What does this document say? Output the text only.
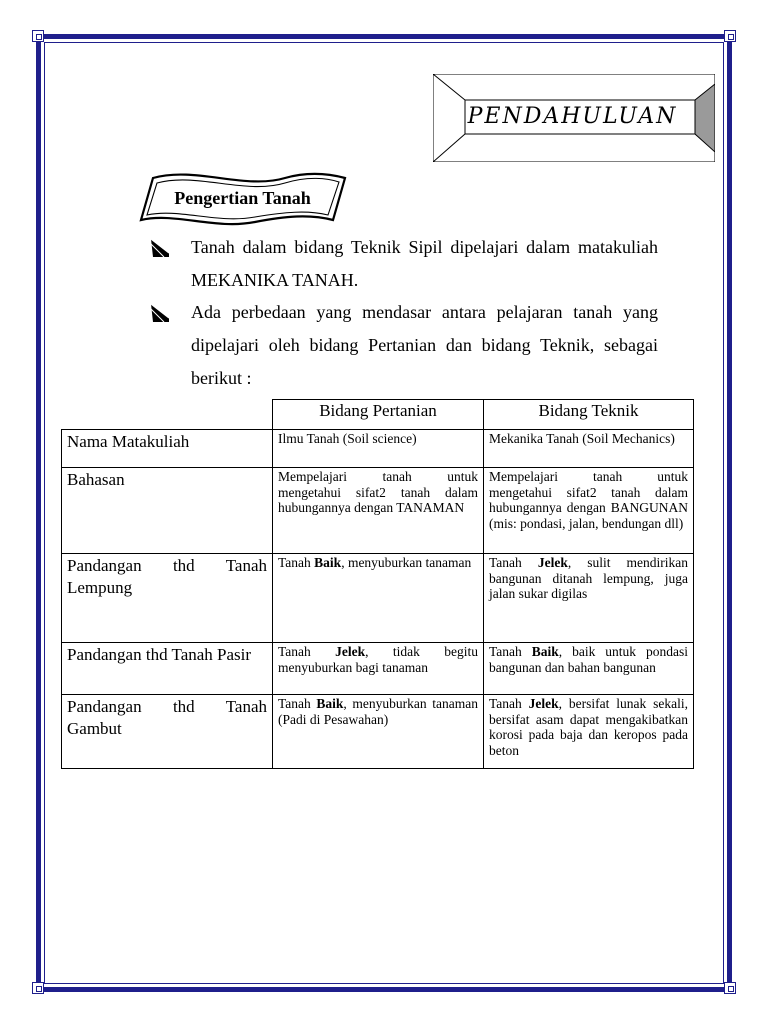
PENDAHULUAN
Pengertian Tanah
Tanah dalam bidang Teknik Sipil dipelajari dalam matakuliah MEKANIKA TANAH.
Ada perbedaan yang mendasar antara pelajaran tanah yang dipelajari oleh bidang Pertanian dan bidang Teknik, sebagai berikut :
	Bidang Pertanian	Bidang Teknik
Nama Matakuliah	Ilmu Tanah (Soil science)	Mekanika Tanah (Soil Mechanics)
Bahasan	Mempelajari tanah untuk mengetahui sifat2 tanah dalam hubungannya dengan TANAMAN	Mempelajari tanah untuk mengetahui sifat2 tanah dalam hubungannya dengan BANGUNAN (mis: pondasi, jalan, bendungan dll)
Pandangan thd Tanah Lempung	Tanah Baik, menyuburkan tanaman	Tanah Jelek, sulit mendirikan bangunan ditanah lempung, juga jalan sukar digilas
Pandangan thd Tanah Pasir	Tanah Jelek, tidak begitu menyuburkan bagi tanaman	Tanah Baik, baik untuk pondasi bangunan dan bahan bangunan
Pandangan thd Tanah Gambut	Tanah Baik, menyuburkan tanaman (Padi di Pesawahan)	Tanah Jelek, bersifat lunak sekali, bersifat asam dapat mengakibatkan korosi pada baja dan keropos pada beton
